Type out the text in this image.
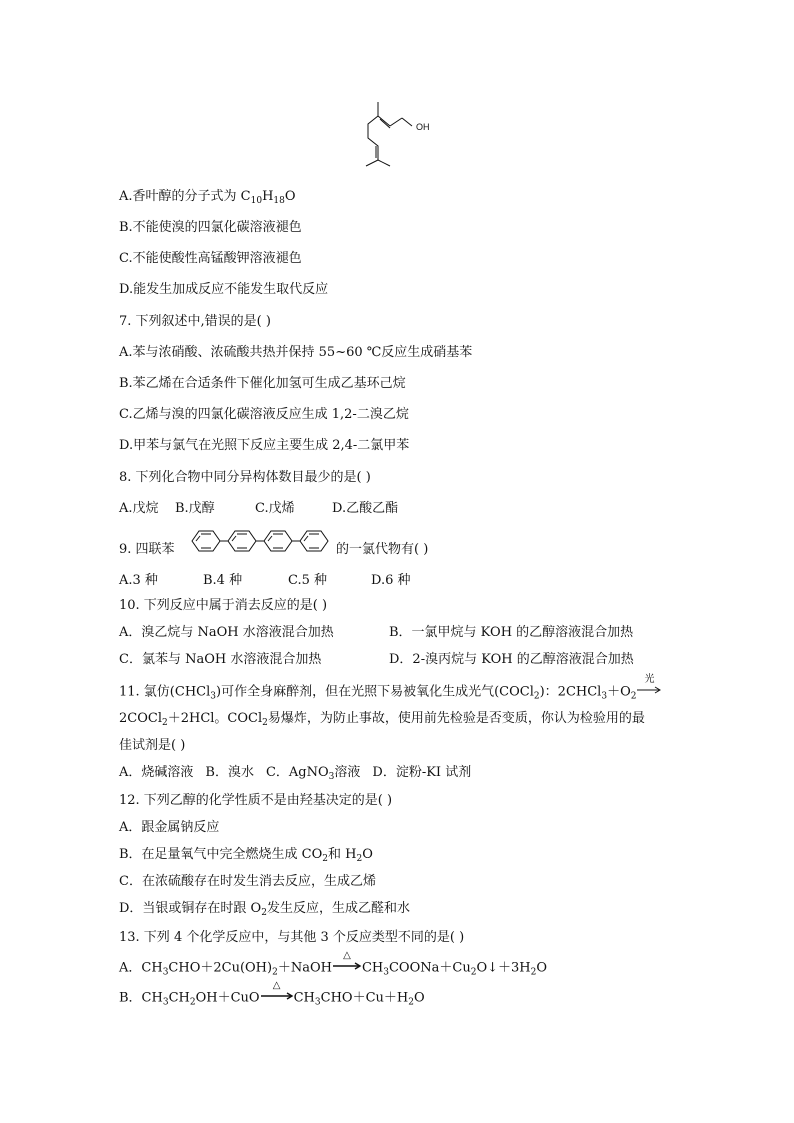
OH
A.香叶醇的分子式为 $C_{10}H_{18}O$
B.不能使溴的四氯化碳溶液褪色
C.不能使酸性高锰酸钾溶液褪色
D.能发生加成反应不能发生取代反应
7. 下列叙述中,错误的是( )
A.苯与浓硝酸、浓硫酸共热并保持 55~60 ℃反应生成硝基苯
B.苯乙烯在合适条件下催化加氢可生成乙基环己烷
C.乙烯与溴的四氯化碳溶液反应生成 1,2-二溴乙烷
D.甲苯与氯气在光照下反应主要生成 2,4-二氯甲苯
8. 下列化合物中同分异构体数目最少的是( )
A.戊烷 B.戊醇	C.戊烯	D.乙酸乙酯
9. 四联苯	的一氯代物有( )
A.3 种	B.4 种	C.5 种	D.6 种
10. 下列反应中属于消去反应的是( )
A．溴乙烷与 NaOH 水溶液混合加热	B．一氯甲烷与 KOH 的乙醇溶液混合加热
C．氯苯与 NaOH 水溶液混合加热	D．2-溴丙烷与 KOH 的乙醇溶液混合加热
11. 氯仿(CHCl$_3$)可作全身麻醉剂，但在光照下易被氧化生成光气(COCl$_2$)：$2CHCl_3+O_2$
光
2COCl$_2$＋2HCl。COCl$_2$易爆炸，为防止事故，使用前先检验是否变质，你认为检验用的最
佳试剂是( )
A．烧碱溶液 B．溴水 C．AgNO$_3$溶液 D．淀粉-KI 试剂
12. 下列乙醇的化学性质不是由羟基决定的是( )
A．跟金属钠反应
B．在足量氧气中完全燃烧生成 $CO_2$和 $H_2O$
C．在浓硫酸存在时发生消去反应，生成乙烯
D．当银或铜存在时跟 $O_2$发生反应，生成乙醛和水
13. 下列 4 个化学反应中，与其他 3 个反应类型不同的是( )
A．$CH_3CHO+2Cu(OH)_2+NaOH$
△
$CH_3COONa+Cu_2O↓+3H_2O$
B．$CH_3CH_2OH+CuO$
△
$CH_3CHO+Cu+H_2O$
